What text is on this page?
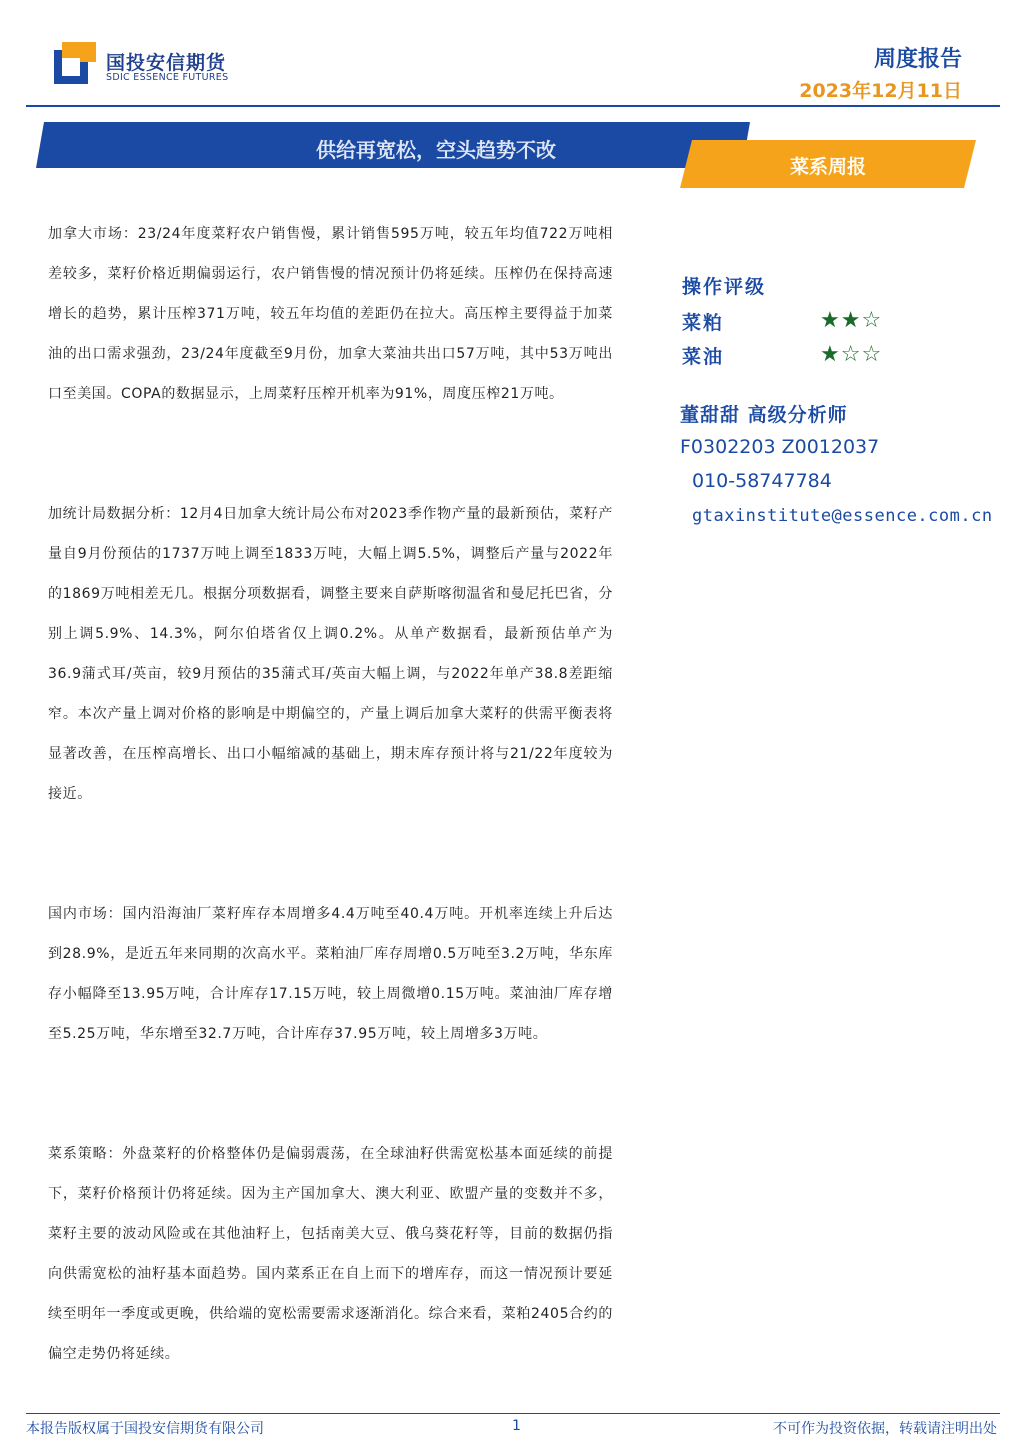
国投安信期货
SDIC ESSENCE FUTURES
周度报告
2023年12月11日
供给再宽松，空头趋势不改
菜系周报
加拿大市场：23/24年度菜籽农户销售慢，累计销售595万吨，较五年均值722万吨相差较多，菜籽价格近期偏弱运行，农户销售慢的情况预计仍将延续。压榨仍在保持高速增长的趋势，累计压榨371万吨，较五年均值的差距仍在拉大。高压榨主要得益于加菜油的出口需求强劲，23/24年度截至9月份，加拿大菜油共出口57万吨，其中53万吨出口至美国。COPA的数据显示，上周菜籽压榨开机率为91%，周度压榨21万吨。
加统计局数据分析：12月4日加拿大统计局公布对2023季作物产量的最新预估，菜籽产量自9月份预估的1737万吨上调至1833万吨，大幅上调5.5%，调整后产量与2022年的1869万吨相差无几。根据分项数据看，调整主要来自萨斯喀彻温省和曼尼托巴省，分别上调5.9%、14.3%，阿尔伯塔省仅上调0.2%。从单产数据看，最新预估单产为36.9蒲式耳/英亩，较9月预估的35蒲式耳/英亩大幅上调，与2022年单产38.8差距缩窄。本次产量上调对价格的影响是中期偏空的，产量上调后加拿大菜籽的供需平衡表将显著改善，在压榨高增长、出口小幅缩减的基础上，期末库存预计将与21/22年度较为接近。
国内市场：国内沿海油厂菜籽库存本周增多4.4万吨至40.4万吨。开机率连续上升后达到28.9%，是近五年来同期的次高水平。菜粕油厂库存周增0.5万吨至3.2万吨，华东库存小幅降至13.95万吨，合计库存17.15万吨，较上周微增0.15万吨。菜油油厂库存增至5.25万吨，华东增至32.7万吨，合计库存37.95万吨，较上周增多3万吨。
菜系策略：外盘菜籽的价格整体仍是偏弱震荡，在全球油籽供需宽松基本面延续的前提下，菜籽价格预计仍将延续。因为主产国加拿大、澳大利亚、欧盟产量的变数并不多，菜籽主要的波动风险或在其他油籽上，包括南美大豆、俄乌葵花籽等，目前的数据仍指向供需宽松的油籽基本面趋势。国内菜系正在自上而下的增库存，而这一情况预计要延续至明年一季度或更晚，供给端的宽松需要需求逐渐消化。综合来看，菜粕2405合约的偏空走势仍将延续。
操作评级
菜粕	★★☆
菜油	★☆☆
董甜甜 高级分析师
F0302203 Z0012037
010-58747784
gtaxinstitute@essence.com.cn
本报告版权属于国投安信期货有限公司	1	不可作为投资依据，转载请注明出处
